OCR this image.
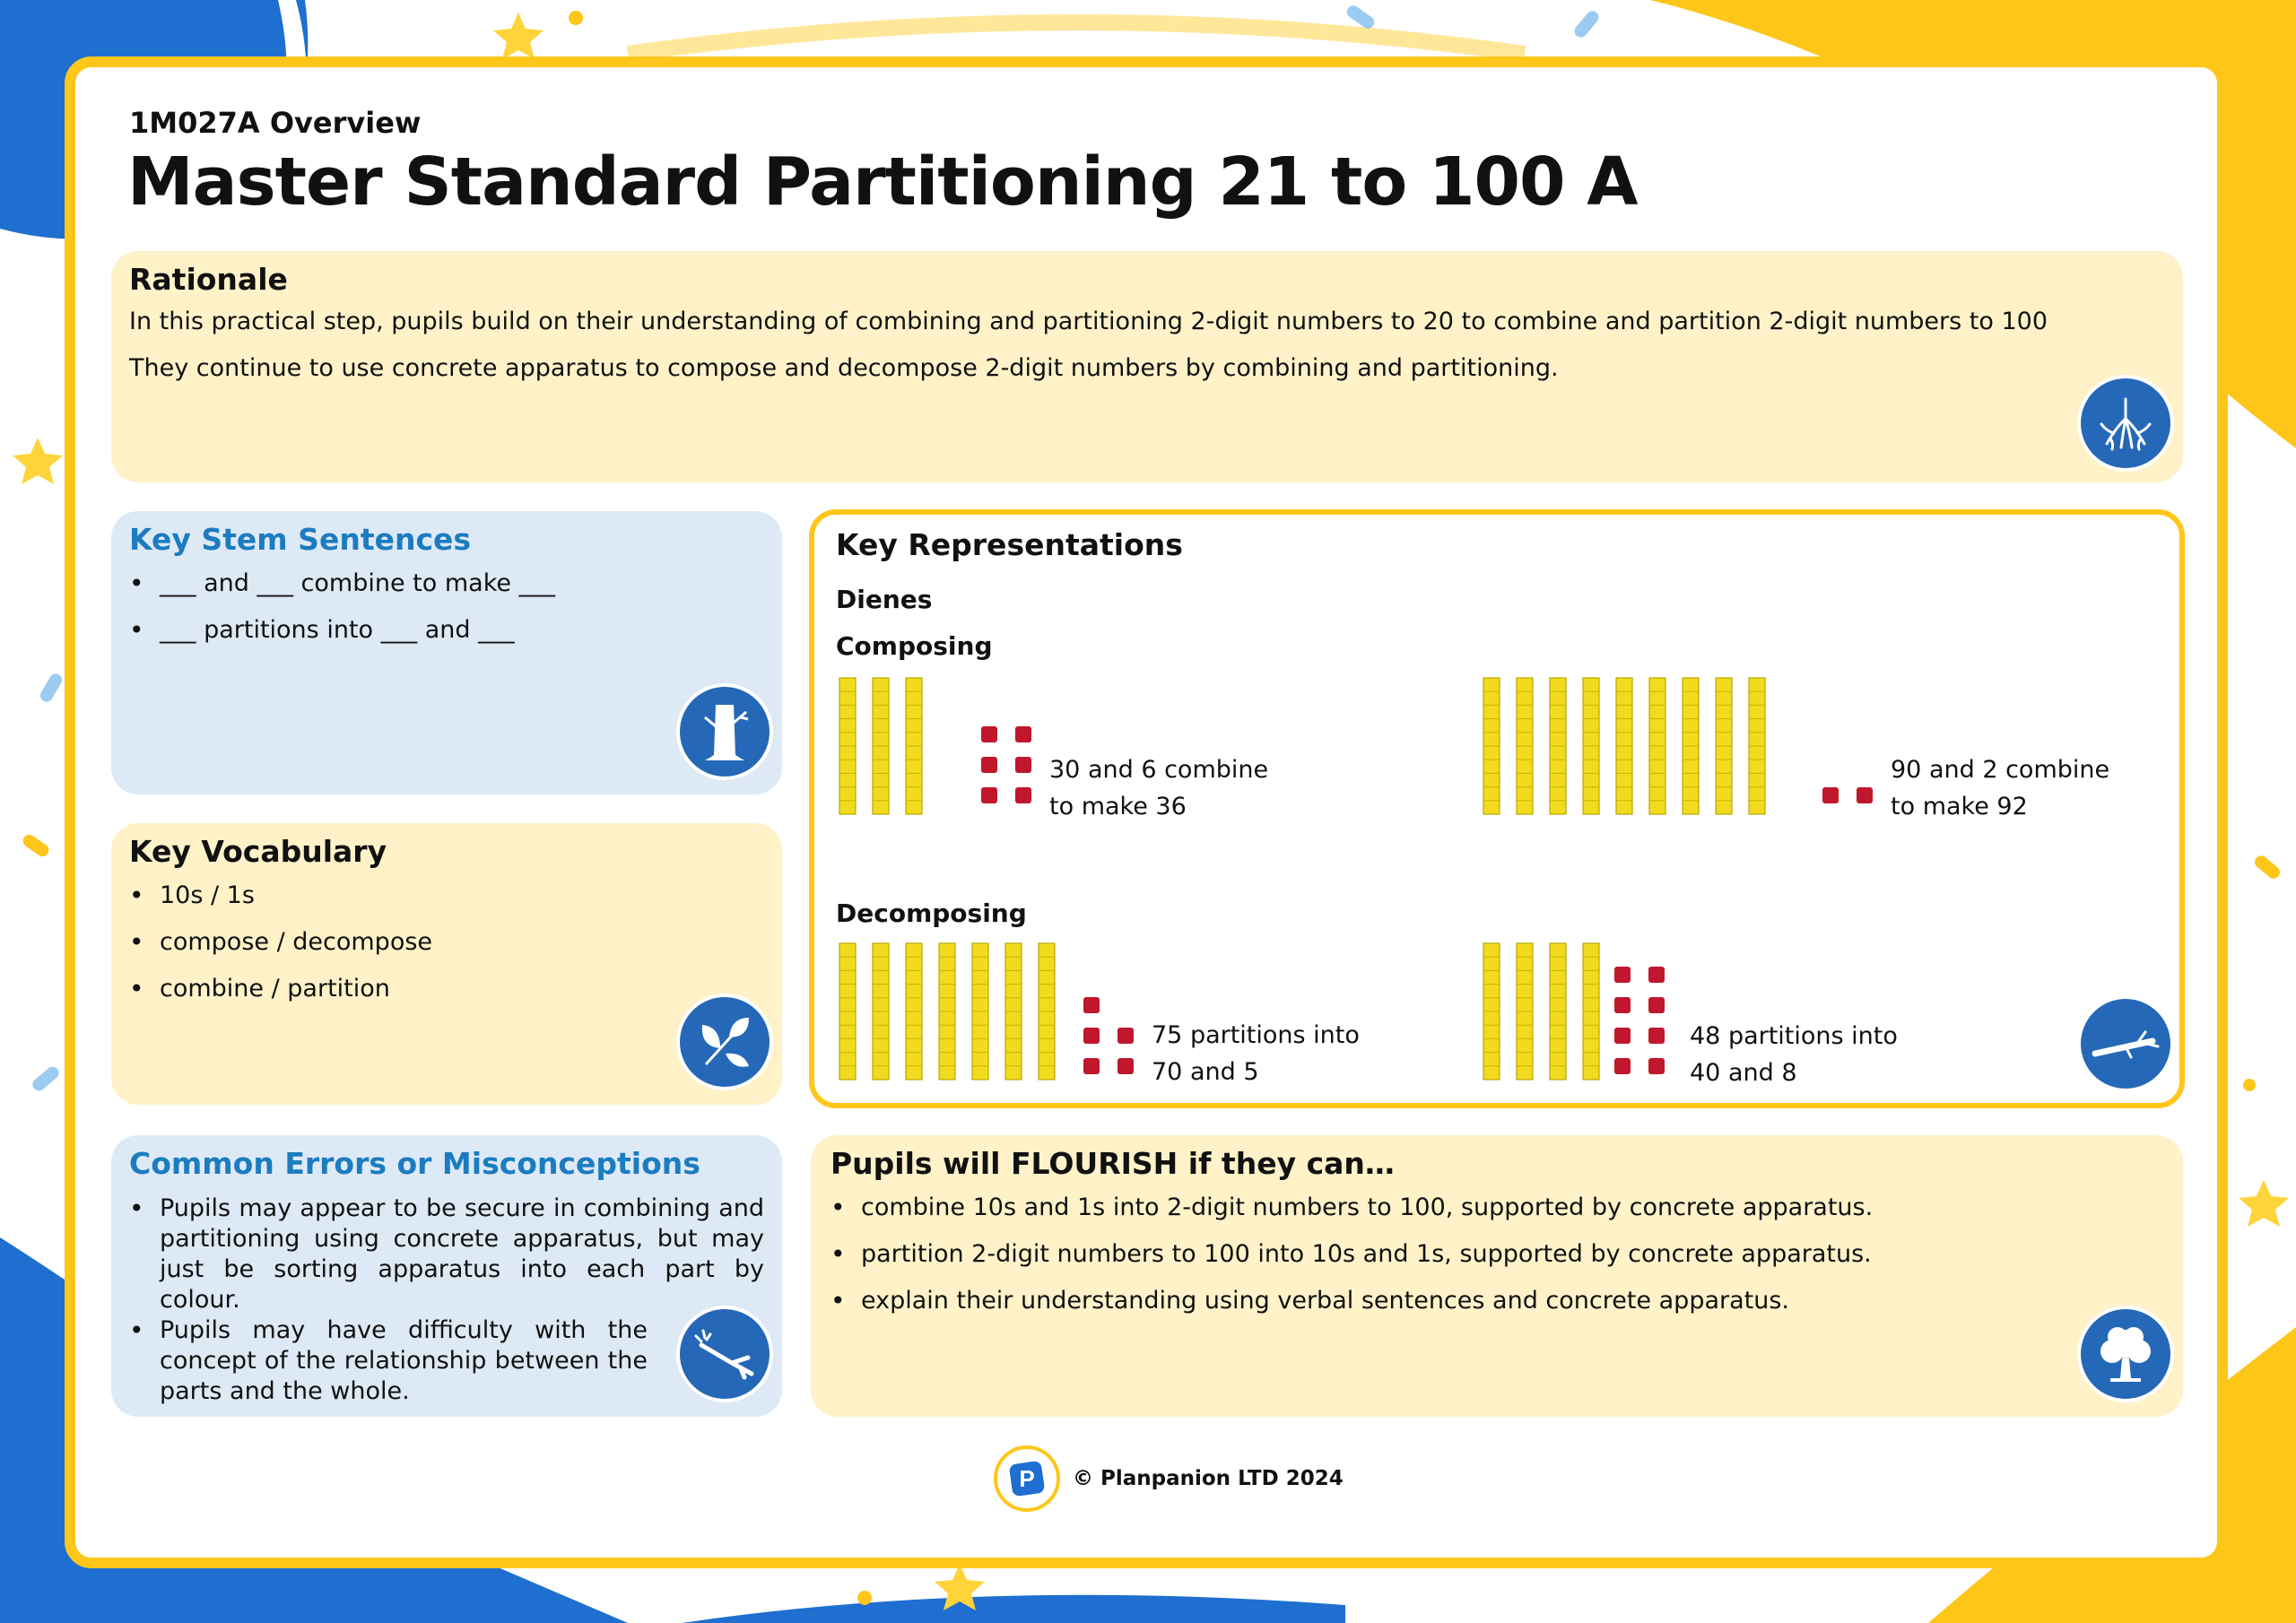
1M027A Overview
Master Standard Partitioning 21 to 100 A
Rationale
In this practical step, pupils build on their understanding of combining and partitioning 2-digit numbers to 20 to combine and partition 2-digit numbers to 100
They continue to use concrete apparatus to compose and decompose 2-digit numbers by combining and partitioning.
Key Stem Sentences
• ___ and ___ combine to make ___
• ___ partitions into ___ and ___
Key Vocabulary
• 10s / 1s
• compose / decompose
• combine / partition
Common Errors or Misconceptions
• Pupils may appear to be secure in combining and partitioning using concrete apparatus, but may just be sorting apparatus into each part by colour.
• Pupils may have difficulty with the concept of the relationship between the parts and the whole.
Key Representations
Dienes
Composing
Decomposing
30 and 6 combine
to make 36
90 and 2 combine
to make 92
75 partitions into
70 and 5
48 partitions into
40 and 8
Pupils will FLOURISH if they can…
• combine 10s and 1s into 2-digit numbers to 100, supported by concrete apparatus.
• partition 2-digit numbers to 100 into 10s and 1s, supported by concrete apparatus.
• explain their understanding using verbal sentences and concrete apparatus.
P © Planpanion LTD 2024
